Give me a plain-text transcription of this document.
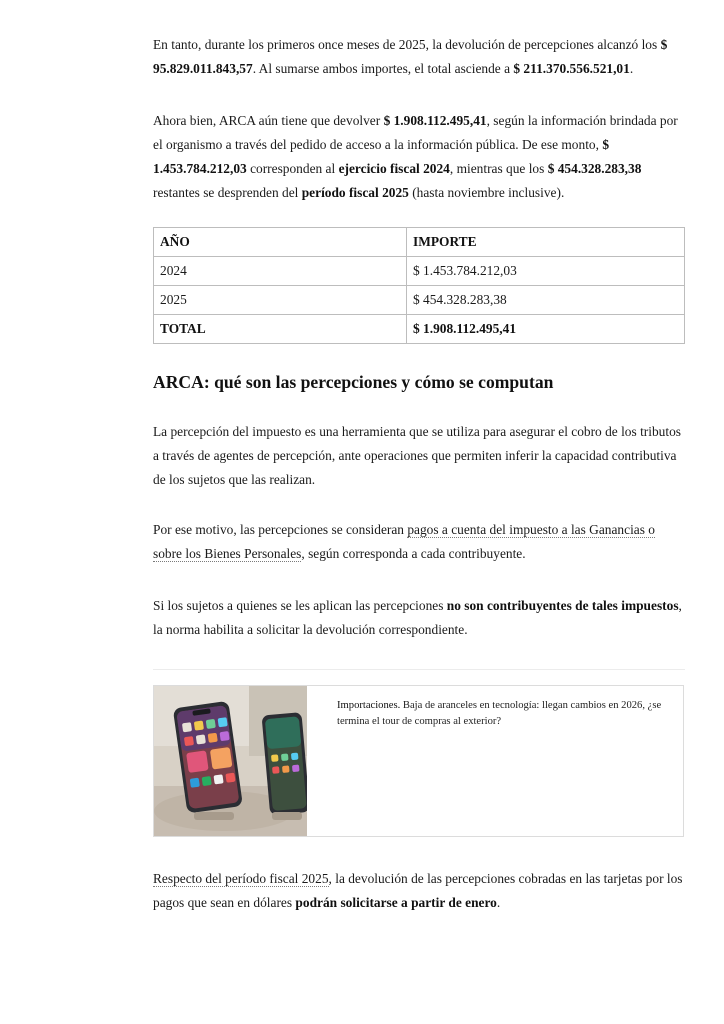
En tanto, durante los primeros once meses de 2025, la devolución de percepciones alcanzó los $ 95.829.011.843,57. Al sumarse ambos importes, el total asciende a $ 211.370.556.521,01.

Ahora bien, ARCA aún tiene que devolver $ 1.908.112.495,41, según la información brindada por el organismo a través del pedido de acceso a la información pública. De ese monto, $ 1.453.784.212,03 corresponden al ejercicio fiscal 2024, mientras que los $ 454.328.283,38 restantes se desprenden del período fiscal 2025 (hasta noviembre inclusive).

AÑO	IMPORTE
2024	$ 1.453.784.212,03
2025	$ 454.328.283,38
TOTAL	$ 1.908.112.495,41
ARCA: qué son las percepciones y cómo se computan

La percepción del impuesto es una herramienta que se utiliza para asegurar el cobro de los tributos a través de agentes de percepción, ante operaciones que permiten inferir la capacidad contributiva de los sujetos que las realizan.

Por ese motivo, las percepciones se consideran pagos a cuenta del impuesto a las Ganancias o sobre los Bienes Personales, según corresponda a cada contribuyente.

Si los sujetos a quienes se les aplican las percepciones no son contribuyentes de tales impuestos, la norma habilita a solicitar la devolución correspondiente.

Importaciones. Baja de aranceles en tecnología: llegan cambios en 2026, ¿se termina el tour de compras al exterior?

Respecto del período fiscal 2025, la devolución de las percepciones cobradas en las tarjetas por los pagos que sean en dólares podrán solicitarse a partir de enero.
